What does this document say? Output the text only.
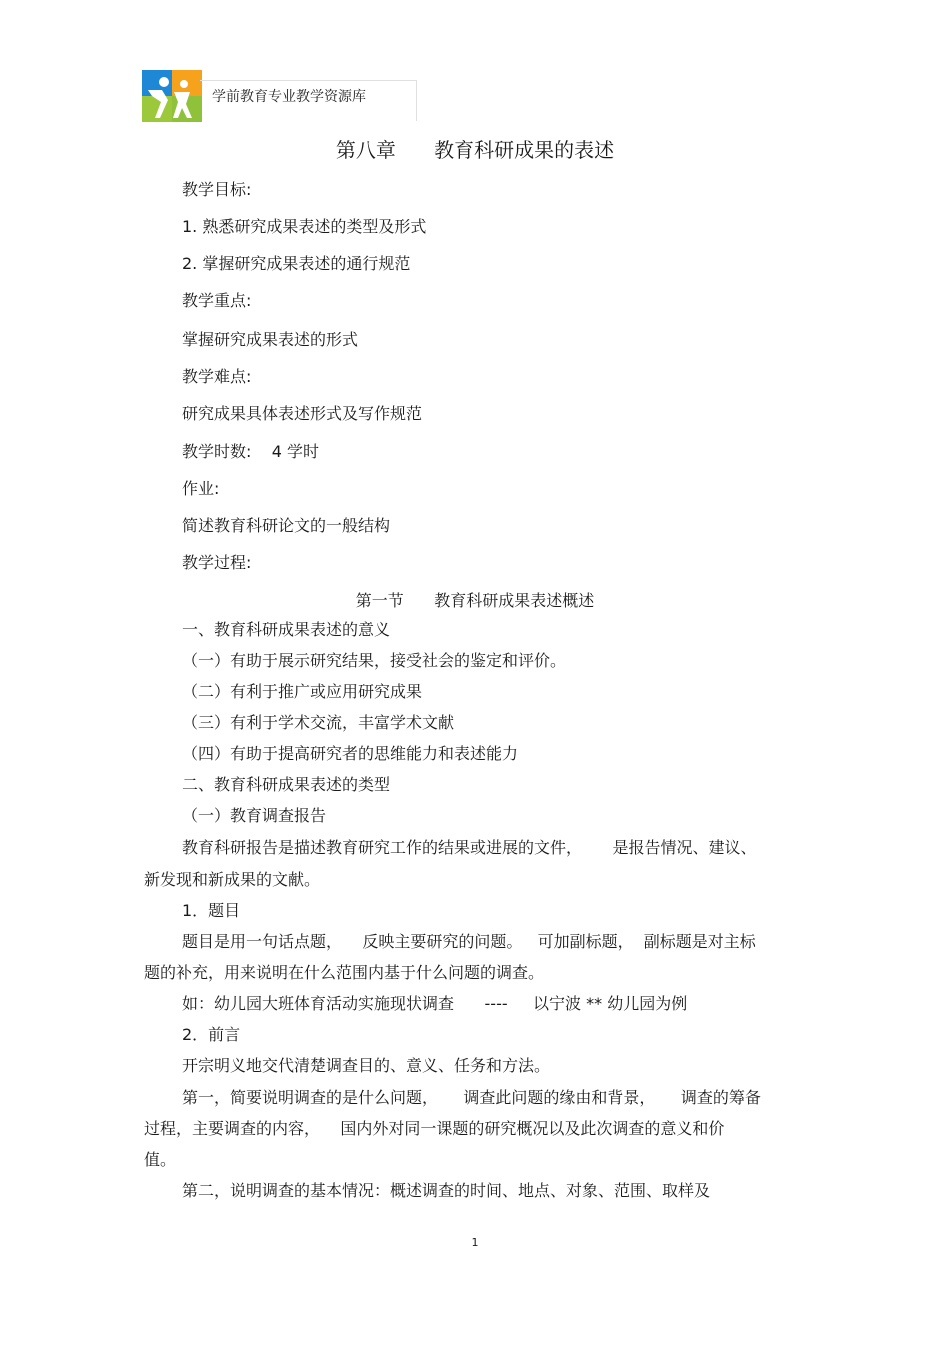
学前教育专业教学资源库
第八章      教育科研成果的表述
教学目标:
1. 熟悉研究成果表述的类型及形式
2. 掌握研究成果表述的通行规范
教学重点:
掌握研究成果表述的形式
教学难点:
研究成果具体表述形式及写作规范
教学时数:    4 学时
作业:
简述教育科研论文的一般结构
教学过程:
第一节      教育科研成果表述概述
一、教育科研成果表述的意义
（一）有助于展示研究结果，接受社会的鉴定和评价。
（二）有利于推广或应用研究成果
（三）有利于学术交流，丰富学术文献
（四）有助于提高研究者的思维能力和表述能力
二、教育科研成果表述的类型
（一）教育调查报告
教育科研报告是描述教育研究工作的结果或进展的文件，      是报告情况、建议、
新发现和新成果的文献。
1．题目
题目是用一句话点题，    反映主要研究的问题。   可加副标题，  副标题是对主标
题的补充，用来说明在什么范围内基于什么问题的调查。
如：幼儿园大班体育活动实施现状调查      ----     以宁波 ** 幼儿园为例
2．前言
开宗明义地交代清楚调查目的、意义、任务和方法。
第一，简要说明调查的是什么问题，     调查此问题的缘由和背景，     调查的筹备
过程，主要调查的内容，    国内外对同一课题的研究概况以及此次调查的意义和价
值。
第二，说明调查的基本情况：概述调查的时间、地点、对象、范围、取样及
1
